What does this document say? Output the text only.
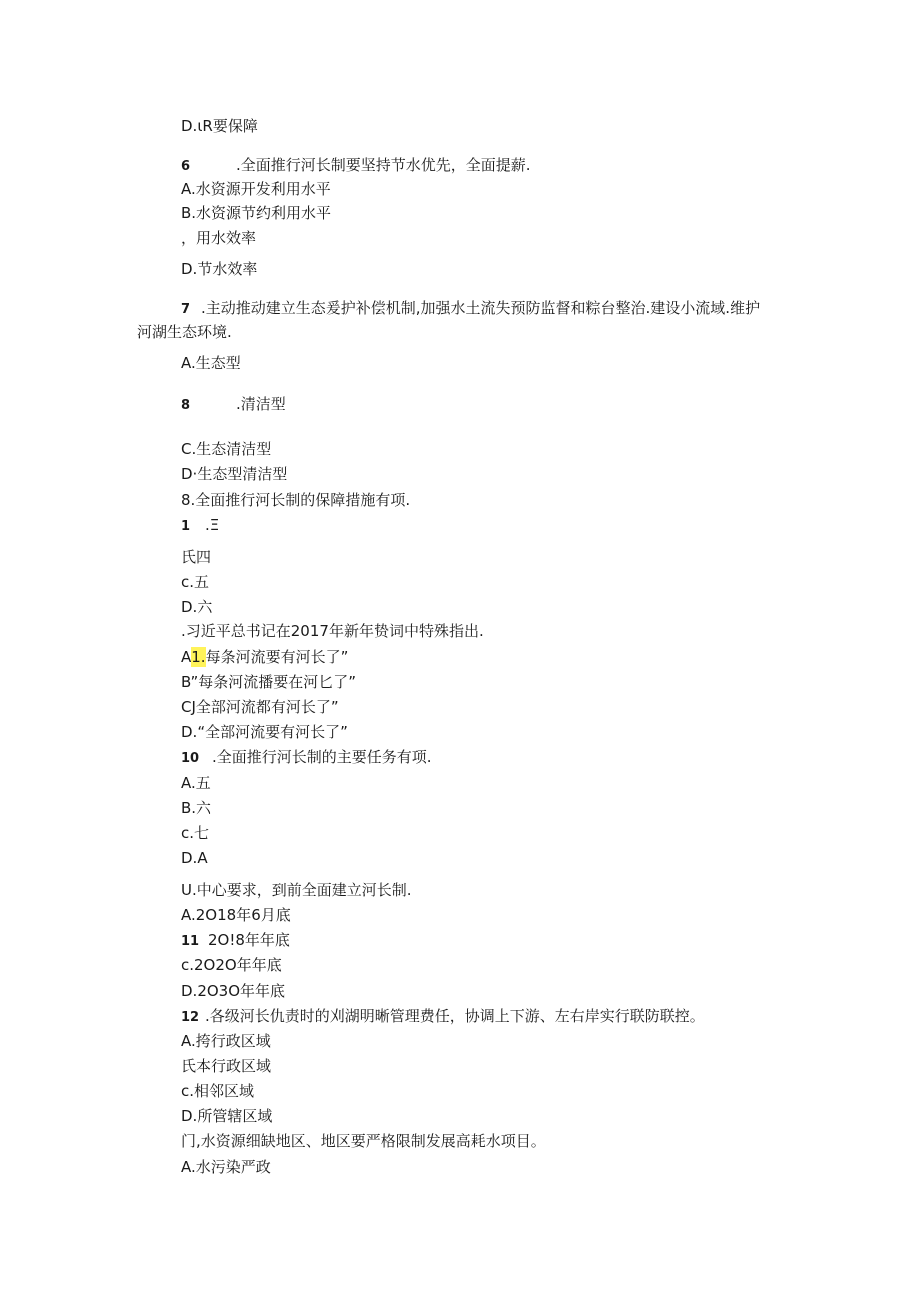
D.ιR要保障
6	.全面推行河长制要坚持节水优先，全面提薪.
A.水资源开发利用水平
B.水资源节约利用水平
，用水效率
D.节水效率
7 .主动推动建立生态爰护补偿机制,加强水土流失预防监督和粽台整治.建设小流域.维护
河湖生态环境.
A.生态型
8	.清洁型
C.生态清洁型
D·生态型清洁型
8.全面推行河长制的保障措施有项.
1 .Ξ
氏四
c.五
D.六
.习近平总书记在2017年新年贽词中特殊指出.
A1.每条河流要有河长了”
B”每条河流播要在河匕了”
CJ全部河流都有河长了”
D.“全部河流要有河长了”
10 .全面推行河长制的主要任务有项.
A.五
B.六
c.七
D.A
U.中心要求，到前全面建立河长制.
A.2O18年6月底
11 2O!8年年底
c.2O2O年年底
D.2O3O年年底
12 .各级河长仇责时的刈湖明晰管理费任，协调上下游、左右岸实行联防联控。
A.挎行政区域
氏本行政区域
c.相邻区域
D.所管辖区域
门,水资源细缺地区、地区要严格限制发展高耗水项目。
A.水污染严政
